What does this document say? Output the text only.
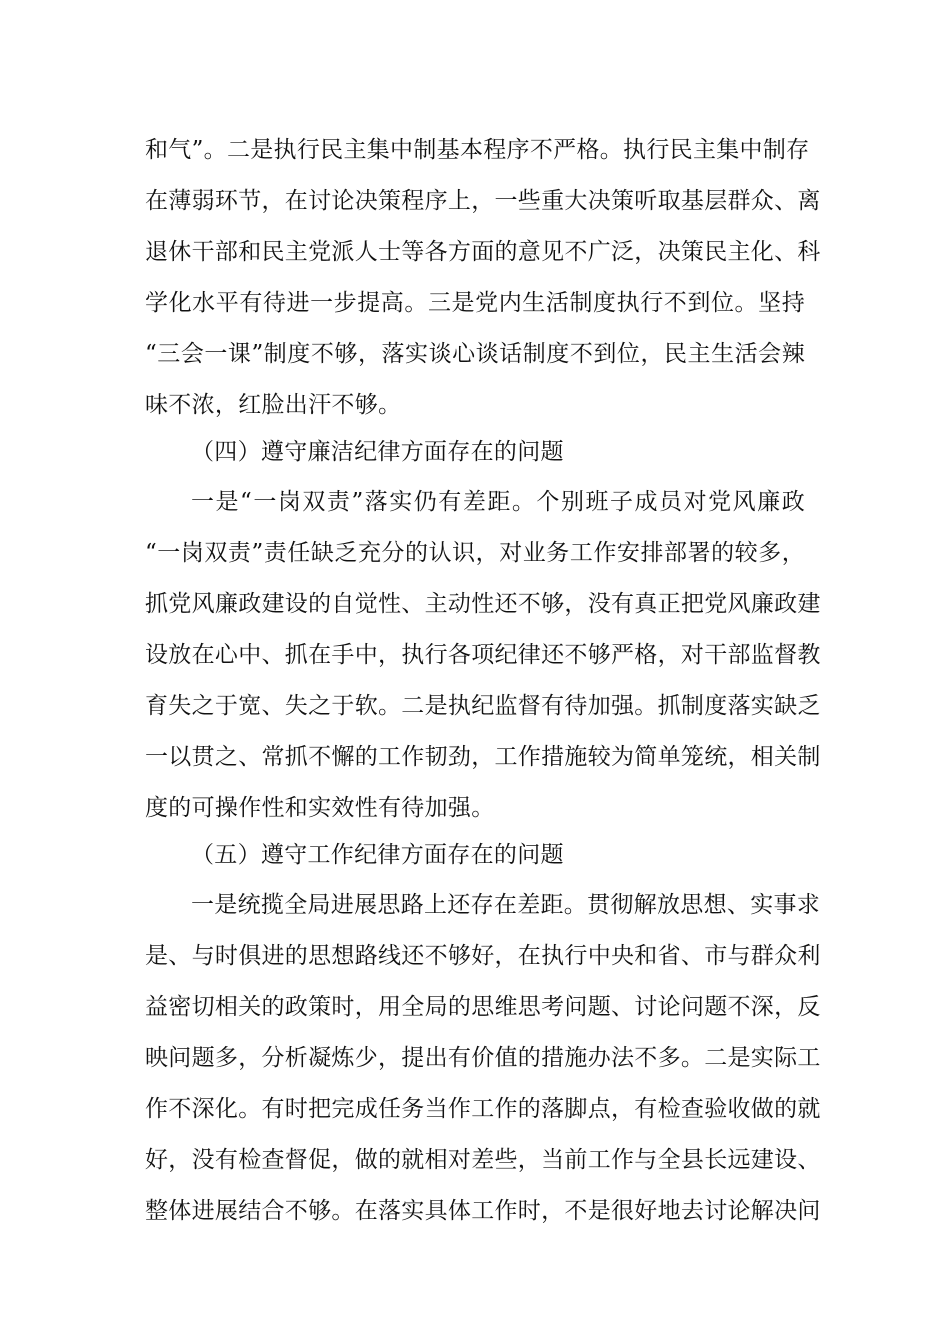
和气”。二是执行民主集中制基本程序不严格。执行民主集中制存
在薄弱环节，在讨论决策程序上，一些重大决策听取基层群众、离
退休干部和民主党派人士等各方面的意见不广泛，决策民主化、科
学化水平有待进一步提高。三是党内生活制度执行不到位。坚持
“三会一课”制度不够，落实谈心谈话制度不到位，民主生活会辣
味不浓，红脸出汗不够。
（四）遵守廉洁纪律方面存在的问题
一是“一岗双责”落实仍有差距。个别班子成员对党风廉政
“一岗双责”责任缺乏充分的认识，对业务工作安排部署的较多，
抓党风廉政建设的自觉性、主动性还不够，没有真正把党风廉政建
设放在心中、抓在手中，执行各项纪律还不够严格，对干部监督教
育失之于宽、失之于软。二是执纪监督有待加强。抓制度落实缺乏
一以贯之、常抓不懈的工作韧劲，工作措施较为简单笼统，相关制
度的可操作性和实效性有待加强。
（五）遵守工作纪律方面存在的问题
一是统揽全局进展思路上还存在差距。贯彻解放思想、实事求
是、与时俱进的思想路线还不够好，在执行中央和省、市与群众利
益密切相关的政策时，用全局的思维思考问题、讨论问题不深，反
映问题多，分析凝炼少，提出有价值的措施办法不多。二是实际工
作不深化。有时把完成任务当作工作的落脚点，有检查验收做的就
好，没有检查督促，做的就相对差些，当前工作与全县长远建设、
整体进展结合不够。在落实具体工作时，不是很好地去讨论解决问
